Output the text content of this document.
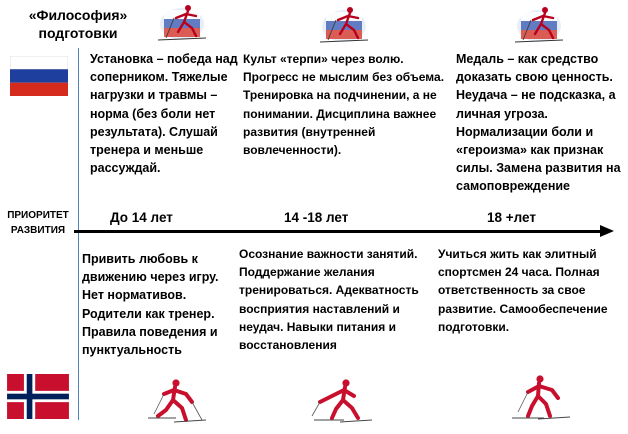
«Философия»
подготовки
Установка – победа над
соперником. Тяжелые
нагрузки и травмы –
норма (без боли нет
результата). Слушай
тренера и меньше
рассуждай.
Культ «терпи» через волю.
Прогресс не мыслим без объема.
Тренировка на подчинении, а не
понимании. Дисциплина важнее
развития (внутренней
вовлеченности).
Медаль – как средство
доказать свою ценность.
Неудача – не подсказка, а
личная угроза.
Нормализации боли и
«героизма» как признак
силы. Замена развития на
самоповреждение
ПРИОРИТЕТ
РАЗВИТИЯ
До 14 лет	14 -18 лет	18 +лет
Привить любовь к
движению через игру.
Нет нормативов.
Родители как тренер.
Правила поведения и
пунктуальность
Осознание важности занятий.
Поддержание желания
тренироваться. Адекватность
восприятия наставлений и
неудач. Навыки питания и
восстановления
Учиться жить как элитный
спортсмен 24 часа. Полная
ответственность за свое
развитие. Самообеспечение
подготовки.
